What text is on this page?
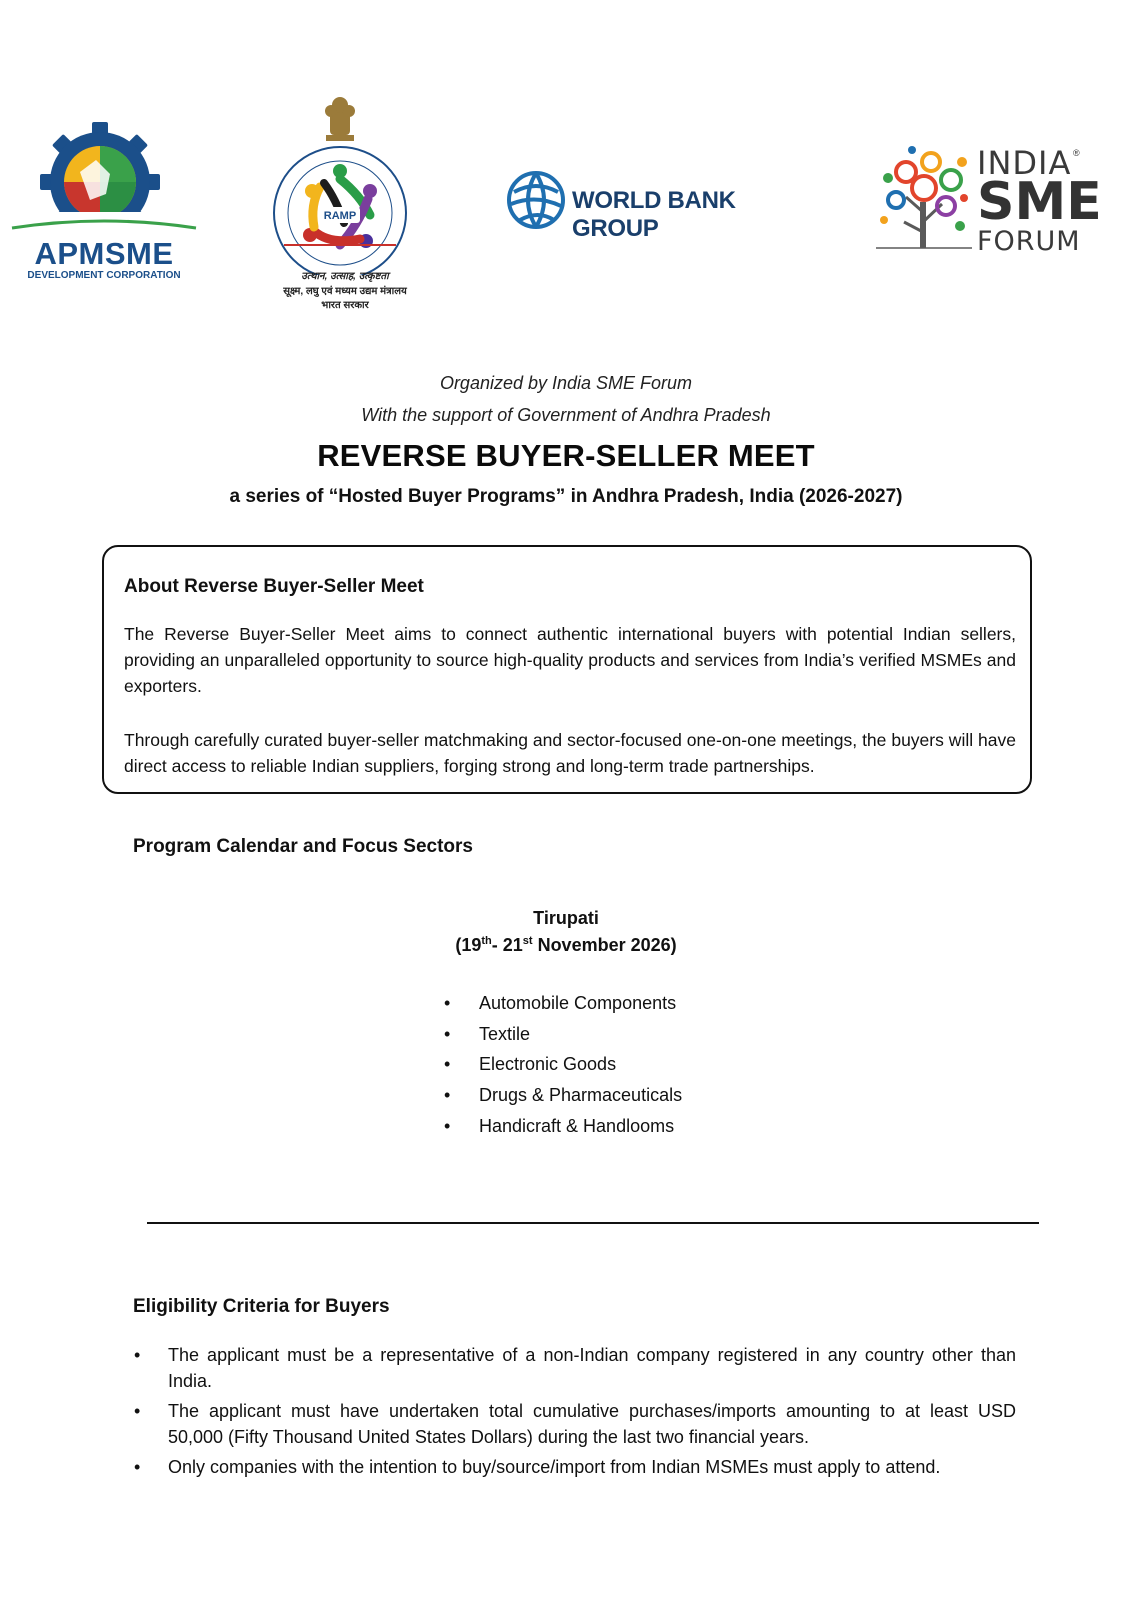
APMSME
DEVELOPMENT CORPORATION
RAMP
उत्थान, उत्साह, उत्कृष्टता
सूक्ष्म, लघु एवं मध्यम उद्यम मंत्रालय
भारत सरकार
WORLD BANK GROUP
INDIA ®
SME
FORUM
Organized by India SME Forum
With the support of Government of Andhra Pradesh
REVERSE BUYER-SELLER MEET
a series of “Hosted Buyer Programs” in Andhra Pradesh, India (2026-2027)
About Reverse Buyer-Seller Meet
The Reverse Buyer-Seller Meet aims to connect authentic international buyers with potential Indian sellers, providing an unparalleled opportunity to source high-quality products and services from India’s verified MSMEs and exporters.
Through carefully curated buyer-seller matchmaking and sector-focused one-on-one meetings, the buyers will have direct access to reliable Indian suppliers, forging strong and long-term trade partnerships.
Program Calendar and Focus Sectors
Tirupati
(19th- 21st November 2026)
• Automobile Components
• Textile
• Electronic Goods
• Drugs & Pharmaceuticals
• Handicraft & Handlooms
Eligibility Criteria for Buyers
• The applicant must be a representative of a non-Indian company registered in any country other than India.
• The applicant must have undertaken total cumulative purchases/imports amounting to at least USD 50,000 (Fifty Thousand United States Dollars) during the last two financial years.
• Only companies with the intention to buy/source/import from Indian MSMEs must apply to attend.
